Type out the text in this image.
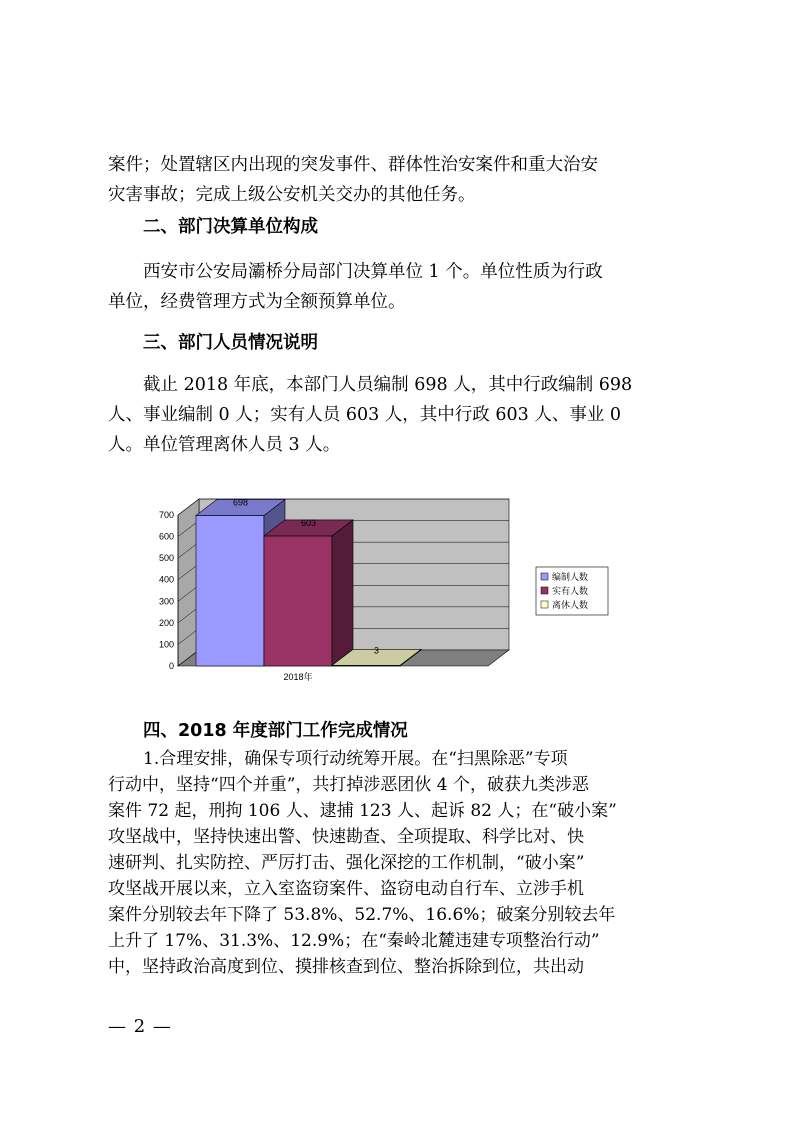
案件；处置辖区内出现的突发事件、群体性治安案件和重大治安
灾害事故；完成上级公安机关交办的其他任务。

二、部门决算单位构成

西安市公安局灞桥分局部门决算单位 1 个。单位性质为行政
单位，经费管理方式为全额预算单位。

三、部门人员情况说明

截止 2018 年底，本部门人员编制 698 人，其中行政编制 698
人、事业编制 0 人；实有人员 603 人，其中行政 603 人、事业 0
人。单位管理离休人员 3 人。

0
100
200
300
400
500
600
700
698
603
3
2018年
编制人数
实有人数
离休人数

四、2018 年度部门工作完成情况

1.合理安排，确保专项行动统筹开展。在“扫黑除恶”专项
行动中，坚持“四个并重”，共打掉涉恶团伙 4 个，破获九类涉恶
案件 72 起，刑拘 106 人、逮捕 123 人、起诉 82 人；在“破小案”
攻坚战中，坚持快速出警、快速勘查、全项提取、科学比对、快
速研判、扎实防控、严厉打击、强化深挖的工作机制，“破小案”
攻坚战开展以来，立入室盗窃案件、盗窃电动自行车、立涉手机
案件分别较去年下降了 53.8%、52.7%、16.6%；破案分别较去年
上升了 17%、31.3%、12.9%；在“秦岭北麓违建专项整治行动”
中，坚持政治高度到位、摸排核查到位、整治拆除到位，共出动

— 2 —
